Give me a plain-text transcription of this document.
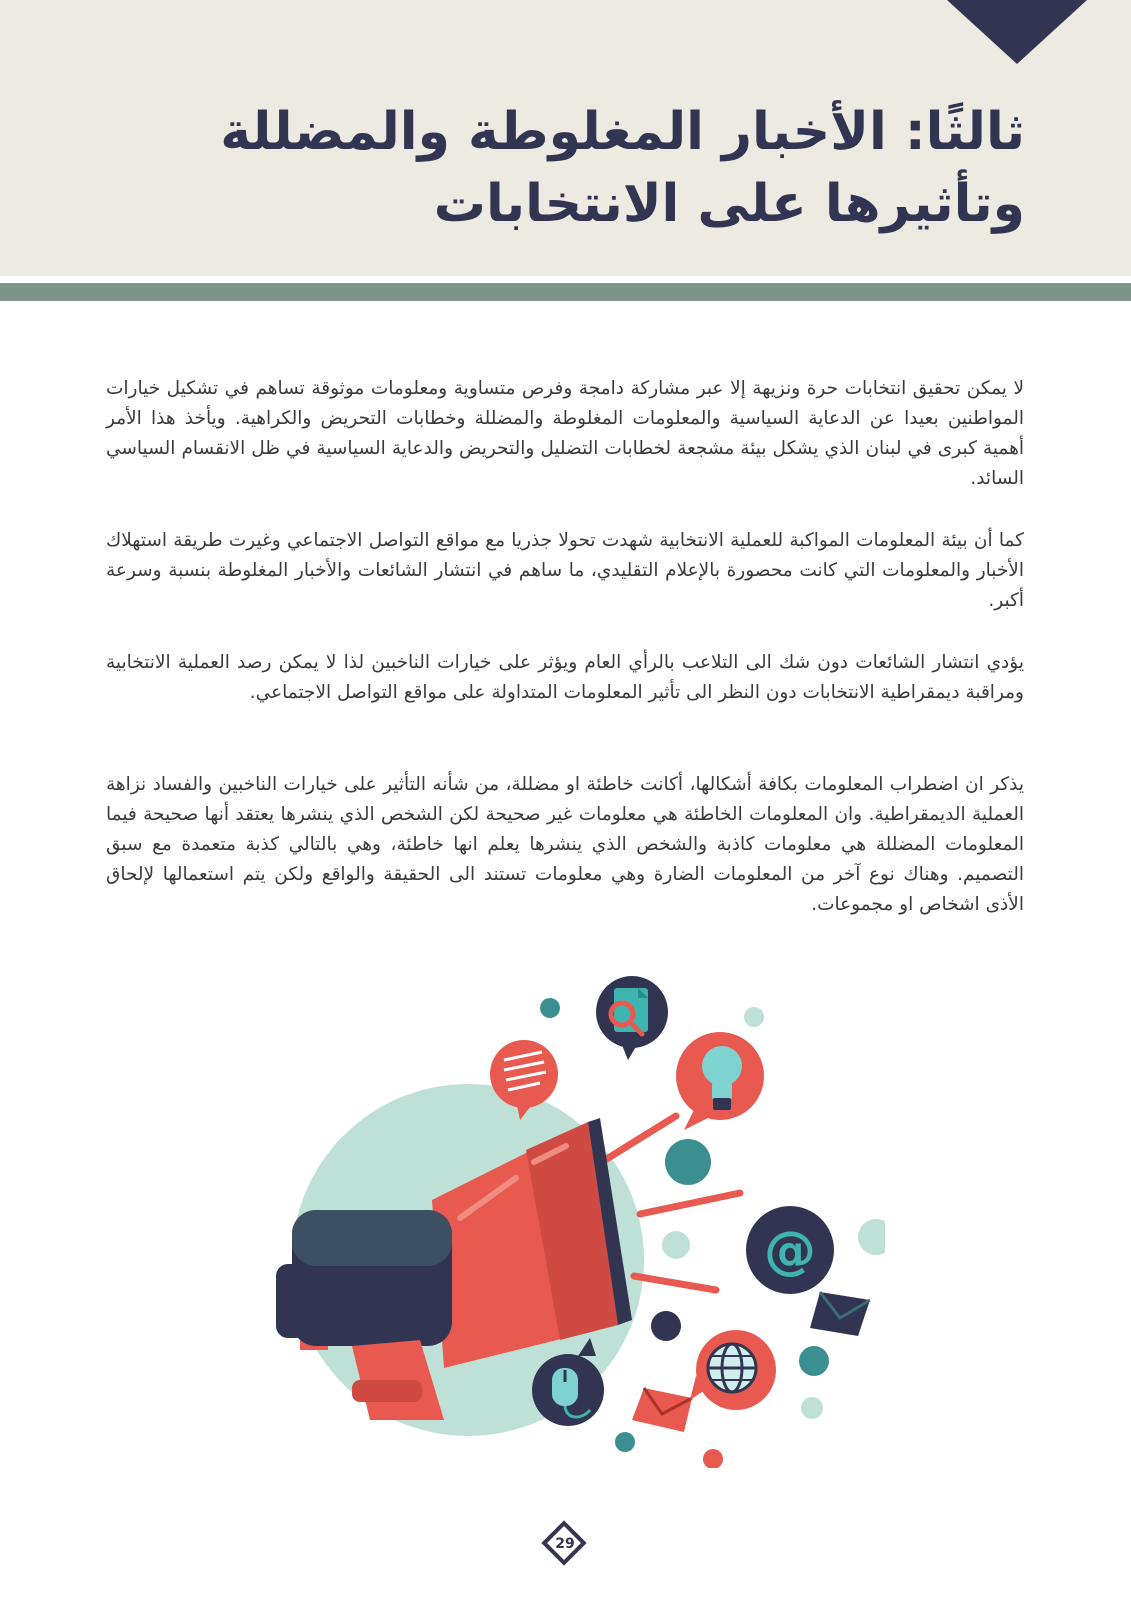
ثالثًا: الأخبار المغلوطة والمضللة
وتأثيرها على الانتخابات

لا يمكن تحقيق انتخابات حرة ونزيهة إلا عبر مشاركة دامجة وفرص متساوية ومعلومات موثوقة تساهم في تشكيل خيارات المواطنين بعيدا عن الدعاية السياسية والمعلومات المغلوطة والمضللة وخطابات التحريض والكراهية. ويأخذ هذا الأمر أهمية كبرى في لبنان الذي يشكل بيئة مشجعة لخطابات التضليل والتحريض والدعاية السياسية في ظل الانقسام السياسي السائد.

كما أن بيئة المعلومات المواكبة للعملية الانتخابية شهدت تحولا جذريا مع مواقع التواصل الاجتماعي وغيرت طريقة استهلاك الأخبار والمعلومات التي كانت محصورة بالإعلام التقليدي، ما ساهم في انتشار الشائعات والأخبار المغلوطة بنسبة وسرعة أكبر.

يؤدي انتشار الشائعات دون شك الى التلاعب بالرأي العام ويؤثر على خيارات الناخبين لذا لا يمكن رصد العملية الانتخابية ومراقبة ديمقراطية الانتخابات دون النظر الى تأثير المعلومات المتداولة على مواقع التواصل الاجتماعي.

يذكر ان اضطراب المعلومات بكافة أشكالها، أكانت خاطئة او مضللة، من شأنه التأثير على خيارات الناخبين والفساد نزاهة العملية الديمقراطية. وان المعلومات الخاطئة هي معلومات غير صحيحة لكن الشخص الذي ينشرها يعتقد أنها صحيحة فيما المعلومات المضللة هي معلومات كاذبة والشخص الذي ينشرها يعلم انها خاطئة، وهي بالتالي كذبة متعمدة مع سبق التصميم. وهناك نوع آخر من المعلومات الضارة وهي معلومات تستند الى الحقيقة والواقع ولكن يتم استعمالها لإلحاق الأذى اشخاص او مجموعات.

@
29
